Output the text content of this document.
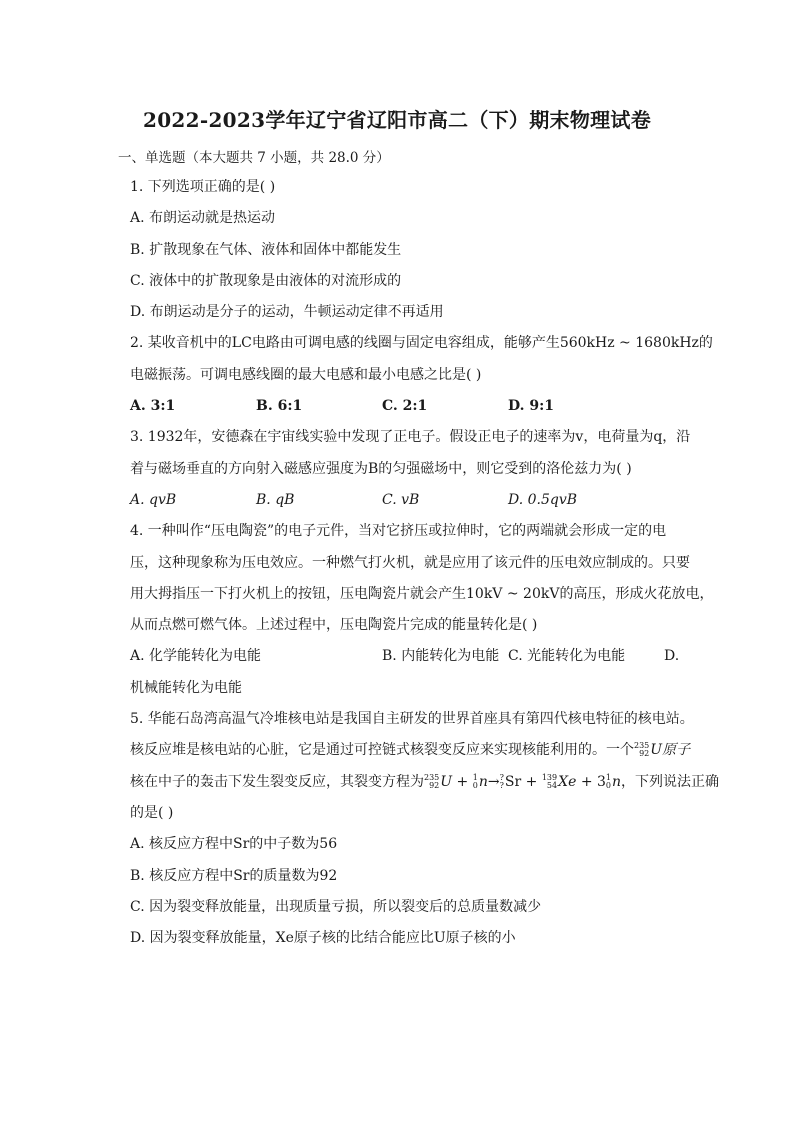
2022-2023学年辽宁省辽阳市高二（下）期末物理试卷
一、单选题（本大题共 7 小题，共 28.0 分）
1. 下列选项正确的是( )
A. 布朗运动就是热运动
B. 扩散现象在气体、液体和固体中都能发生
C. 液体中的扩散现象是由液体的对流形成的
D. 布朗运动是分子的运动，牛顿运动定律不再适用
2. 某收音机中的LC电路由可调电感的线圈与固定电容组成，能够产生560kHz ~ 1680kHz的
电磁振荡。可调电感线圈的最大电感和最小电感之比是( )
A. 3:1	B. 6:1	C. 2:1	D. 9:1
3. 1932年，安德森在宇宙线实验中发现了正电子。假设正电子的速率为v，电荷量为q，沿
着与磁场垂直的方向射入磁感应强度为B的匀强磁场中，则它受到的洛伦兹力为( )
A. qvB	B. qB	C. vB	D. 0.5qvB
4. 一种叫作“压电陶瓷”的电子元件，当对它挤压或拉伸时，它的两端就会形成一定的电
压，这种现象称为压电效应。一种燃气打火机，就是应用了该元件的压电效应制成的。只要
用大拇指压一下打火机上的按钮，压电陶瓷片就会产生10kV ~ 20kV的高压，形成火花放电，
从而点燃可燃气体。上述过程中，压电陶瓷片完成的能量转化是( )
A. 化学能转化为电能	B. 内能转化为电能 C. 光能转化为电能	D.
机械能转化为电能
5. 华能石岛湾高温气冷堆核电站是我国自主研发的世界首座具有第四代核电特征的核电站。
核反应堆是核电站的心脏，它是通过可控链式核裂变反应来实现核能利用的。一个 235
92 U原子
核在中子的轰击下发生裂变反应，其裂变方程为 235
92 U + 1
0 n→ ?
? Sr + 139
54 Xe + 3 1
0 n，下列说法正确
的是( )
A. 核反应方程中Sr的中子数为56
B. 核反应方程中Sr的质量数为92
C. 因为裂变释放能量，出现质量亏损，所以裂变后的总质量数减少
D. 因为裂变释放能量，Xe原子核的比结合能应比U原子核的小
